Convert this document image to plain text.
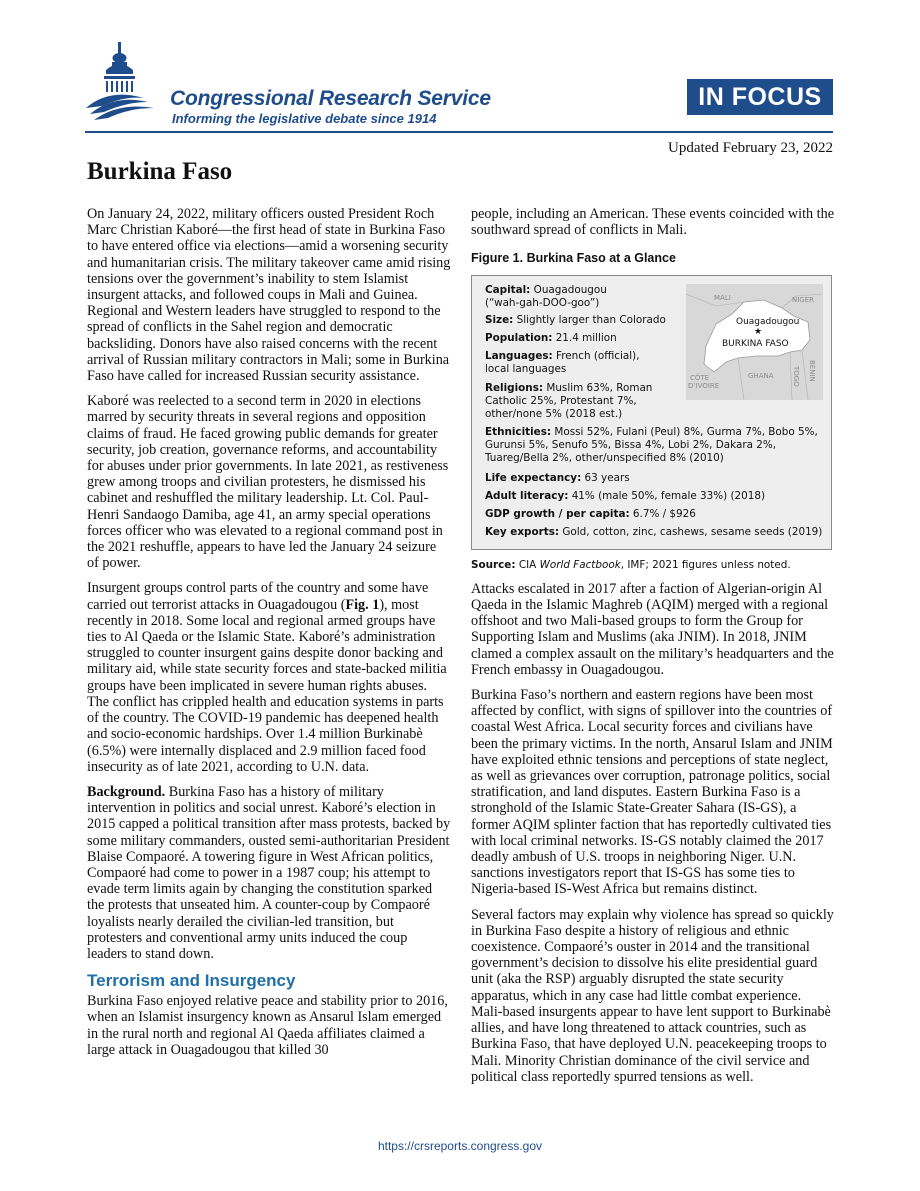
Congressional Research Service
Informing the legislative debate since 1914
IN FOCUS
Updated February 23, 2022
Burkina Faso

On January 24, 2022, military officers ousted President Roch Marc Christian Kaboré—the first head of state in Burkina Faso to have entered office via elections—amid a worsening security and humanitarian crisis. The military takeover came amid rising tensions over the government’s inability to stem Islamist insurgent attacks, and followed coups in Mali and Guinea. Regional and Western leaders have struggled to respond to the spread of conflicts in the Sahel region and democratic backsliding. Donors have also raised concerns with the recent arrival of Russian military contractors in Mali; some in Burkina Faso have called for increased Russian security assistance.

Kaboré was reelected to a second term in 2020 in elections marred by security threats in several regions and opposition claims of fraud. He faced growing public demands for greater security, job creation, governance reforms, and accountability for abuses under prior governments. In late 2021, as restiveness grew among troops and civilian protesters, he dismissed his cabinet and reshuffled the military leadership. Lt. Col. Paul-Henri Sandaogo Damiba, age 41, an army special operations forces officer who was elevated to a regional command post in the 2021 reshuffle, appears to have led the January 24 seizure of power.

Insurgent groups control parts of the country and some have carried out terrorist attacks in Ouagadougou (Fig. 1), most recently in 2018. Some local and regional armed groups have ties to Al Qaeda or the Islamic State. Kaboré’s administration struggled to counter insurgent gains despite donor backing and military aid, while state security forces and state-backed militia groups have been implicated in severe human rights abuses. The conflict has crippled health and education systems in parts of the country. The COVID-19 pandemic has deepened health and socio-economic hardships. Over 1.4 million Burkinabè (6.5%) were internally displaced and 2.9 million faced food insecurity as of late 2021, according to U.N. data.

Background. Burkina Faso has a history of military intervention in politics and social unrest. Kaboré’s election in 2015 capped a political transition after mass protests, backed by some military commanders, ousted semi-authoritarian President Blaise Compaoré. A towering figure in West African politics, Compaoré had come to power in a 1987 coup; his attempt to evade term limits again by changing the constitution sparked the protests that unseated him. A counter-coup by Compaoré loyalists nearly derailed the civilian-led transition, but protesters and conventional army units induced the coup leaders to stand down.

Terrorism and Insurgency

Burkina Faso enjoyed relative peace and stability prior to 2016, when an Islamist insurgency known as Ansarul Islam emerged in the rural north and regional Al Qaeda affiliates claimed a large attack in Ouagadougou that killed 30

people, including an American. These events coincided with the southward spread of conflicts in Mali.

Figure 1. Burkina Faso at a Glance
Capital: Ouagadougou
(“wah-gah-DOO-goo”)
Size: Slightly larger than Colorado
Population: 21.4 million
Languages: French (official),
local languages
Religions: Muslim 63%, Roman
Catholic 25%, Protestant 7%,
other/none 5% (2018 est.)
Ethnicities: Mossi 52%, Fulani (Peul) 8%, Gurma 7%, Bobo 5%,
Gurunsi 5%, Senufo 5%, Bissa 4%, Lobi 2%, Dakara 2%,
Tuareg/Bella 2%, other/unspecified 8% (2010)
Life expectancy: 63 years
Adult literacy: 41% (male 50%, female 33%) (2018)
GDP growth / per capita: 6.7% / $926
Key exports: Gold, cotton, zinc, cashews, sesame seeds (2019)
MALI	NIGER
Ouagadougou
★
BURKINA FASO
CÔTE
D’IVOIRE
GHANA	TOGO BENIN
Source: CIA World Factbook, IMF; 2021 figures unless noted.

Attacks escalated in 2017 after a faction of Algerian-origin Al Qaeda in the Islamic Maghreb (AQIM) merged with a regional offshoot and two Mali-based groups to form the Group for Supporting Islam and Muslims (aka JNIM). In 2018, JNIM clamed a complex assault on the military’s headquarters and the French embassy in Ouagadougou.

Burkina Faso’s northern and eastern regions have been most affected by conflict, with signs of spillover into the countries of coastal West Africa. Local security forces and civilians have been the primary victims. In the north, Ansarul Islam and JNIM have exploited ethnic tensions and perceptions of state neglect, as well as grievances over corruption, patronage politics, social stratification, and land disputes. Eastern Burkina Faso is a stronghold of the Islamic State-Greater Sahara (IS-GS), a former AQIM splinter faction that has reportedly cultivated ties with local criminal networks. IS-GS notably claimed the 2017 deadly ambush of U.S. troops in neighboring Niger. U.N. sanctions investigators report that IS-GS has some ties to Nigeria-based IS-West Africa but remains distinct.

Several factors may explain why violence has spread so quickly in Burkina Faso despite a history of religious and ethnic coexistence. Compaoré’s ouster in 2014 and the transitional government’s decision to dissolve his elite presidential guard unit (aka the RSP) arguably disrupted the state security apparatus, which in any case had little combat experience. Mali-based insurgents appear to have lent support to Burkinabè allies, and have long threatened to attack countries, such as Burkina Faso, that have deployed U.N. peacekeeping troops to Mali. Minority Christian dominance of the civil service and political class reportedly spurred tensions as well.

https://crsreports.congress.gov
